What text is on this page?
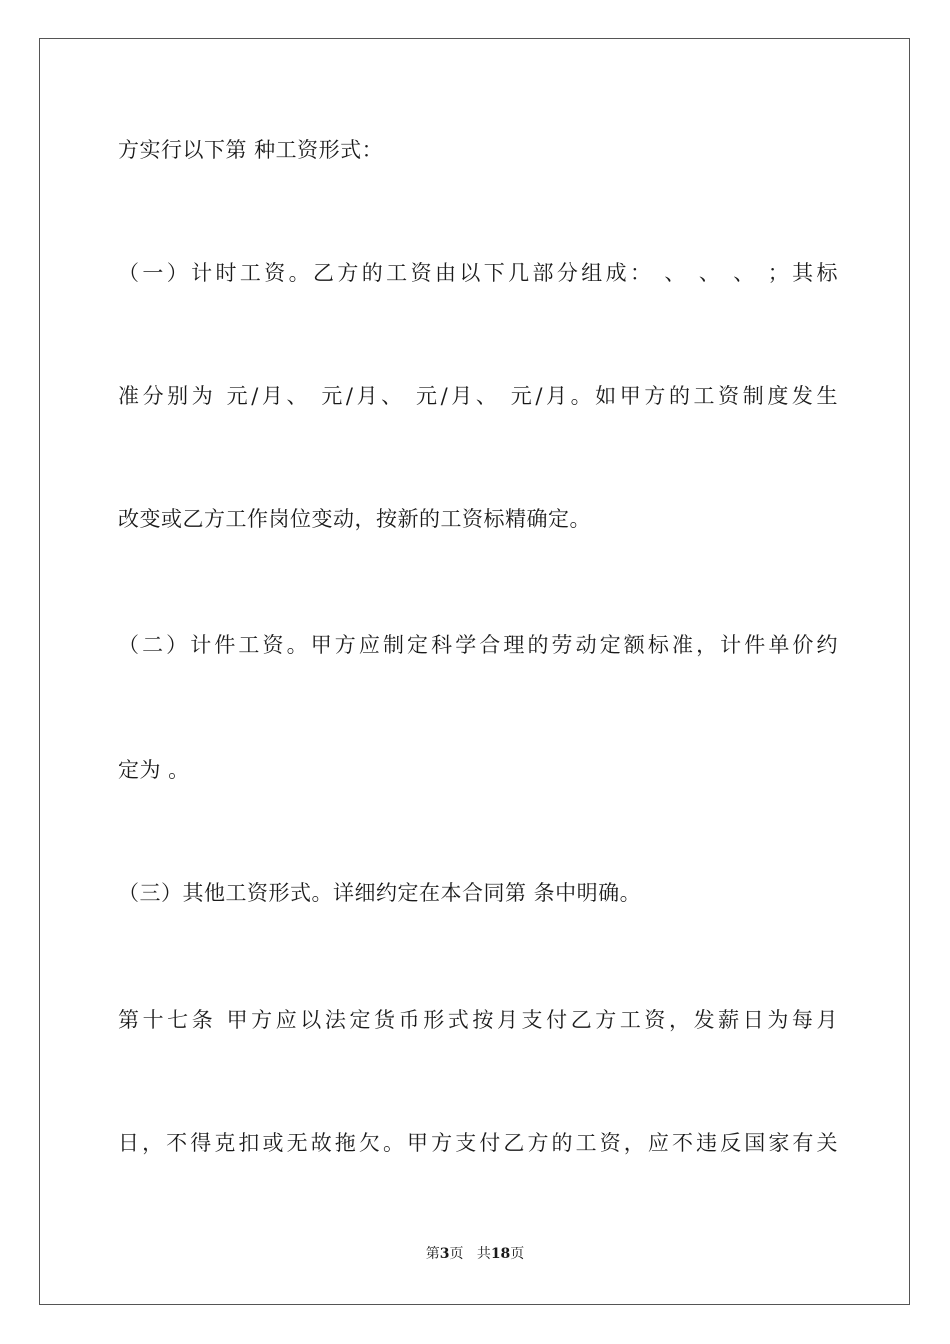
方实行以下第 种工资形式：
（一）计时工资。乙方的工资由以下几部分组成： 、 、 、 ；其标
准分别为 元/月、 元/月、 元/月、 元/月。如甲方的工资制度发生
改变或乙方工作岗位变动，按新的工资标精确定。
（二）计件工资。甲方应制定科学合理的劳动定额标准，计件单价约
定为 。
（三）其他工资形式。详细约定在本合同第 条中明确。
第十七条 甲方应以法定货币形式按月支付乙方工资，发薪日为每月
日，不得克扣或无故拖欠。甲方支付乙方的工资，应不违反国家有关
第3页 共18页
